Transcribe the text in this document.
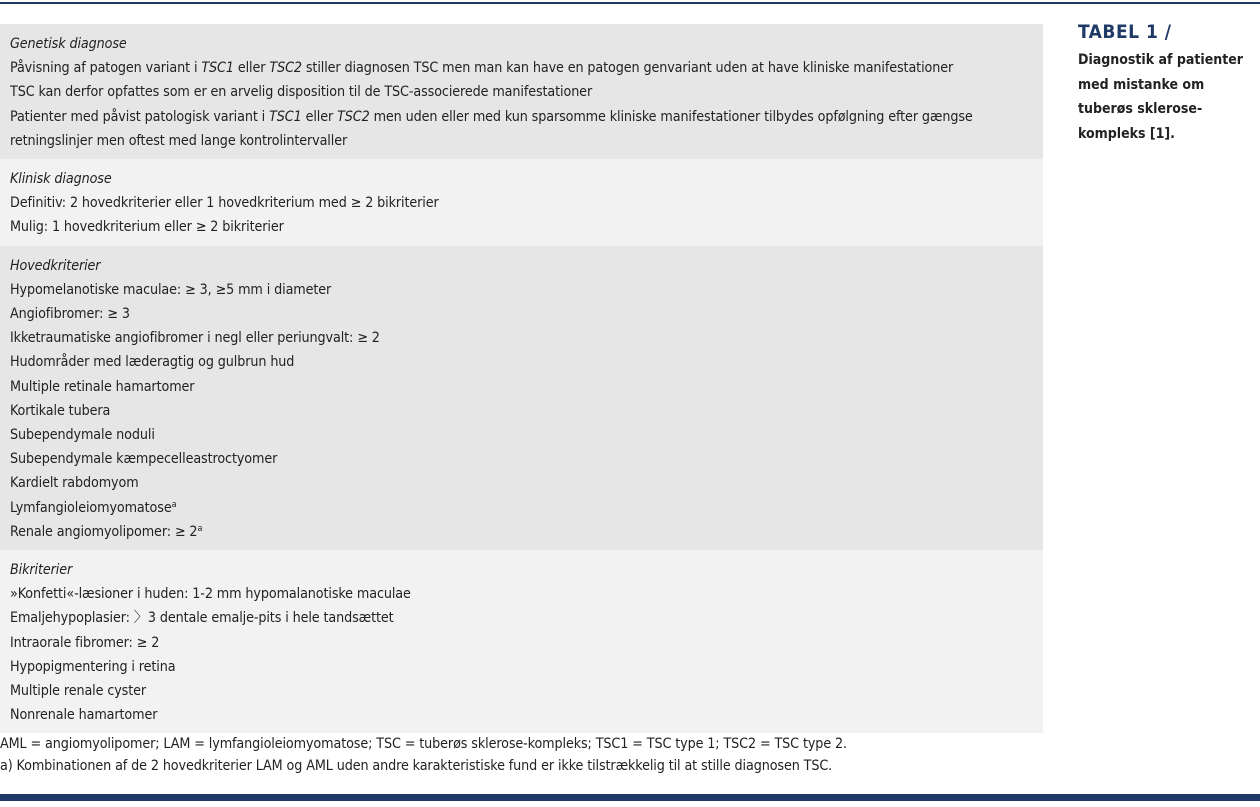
Genetisk diagnose
Påvisning af patogen variant i TSC1 eller TSC2 stiller diagnosen TSC men man kan have en patogen genvariant uden at have kliniske manifestationer
TSC kan derfor opfattes som er en arvelig disposition til de TSC-associerede manifestationer
Patienter med påvist patologisk variant i TSC1 eller TSC2 men uden eller med kun sparsomme kliniske manifestationer tilbydes opfølgning efter gængse retningslinjer men oftest med lange kontrolintervaller
Klinisk diagnose
Definitiv: 2 hovedkriterier eller 1 hovedkriterium med ≥ 2 bikriterier
Mulig: 1 hovedkriterium eller ≥ 2 bikriterier
Hovedkriterier
Hypomelanotiske maculae: ≥ 3, ≥5 mm i diameter
Angiofibromer: ≥ 3
Ikketraumatiske angiofibromer i negl eller periungvalt: ≥ 2
Hudområder med læderagtig og gulbrun hud
Multiple retinale hamartomer
Kortikale tubera
Subependymale noduli
Subependymale kæmpecelleastroctyomer
Kardielt rabdomyom
Lymfangioleiomyomatose$^a$
Renale angiomyolipomer: ≥ $2^a$
Bikriterier
»Konfetti«-læsioner i huden: 1-2 mm hypomalanotiske maculae
Emaljehypoplasier: 〉3 dentale emalje-pits i hele tandsættet
Intraorale fibromer: ≥ 2
Hypopigmentering i retina
Multiple renale cyster
Nonrenale hamartomer
AML = angiomyolipomer; LAM = lymfangioleiomyomatose; TSC = tuberøs sklerose-kompleks; TSC1 = TSC type 1; TSC2 = TSC type 2.
a) Kombinationen af de 2 hovedkriterier LAM og AML uden andre karakteristiske fund er ikke tilstrækkelig til at stille diagnosen TSC.
TABEL 1 /
Diagnostik af patienter
med mistanke om
tuberøs sklerose-
kompleks [1].
